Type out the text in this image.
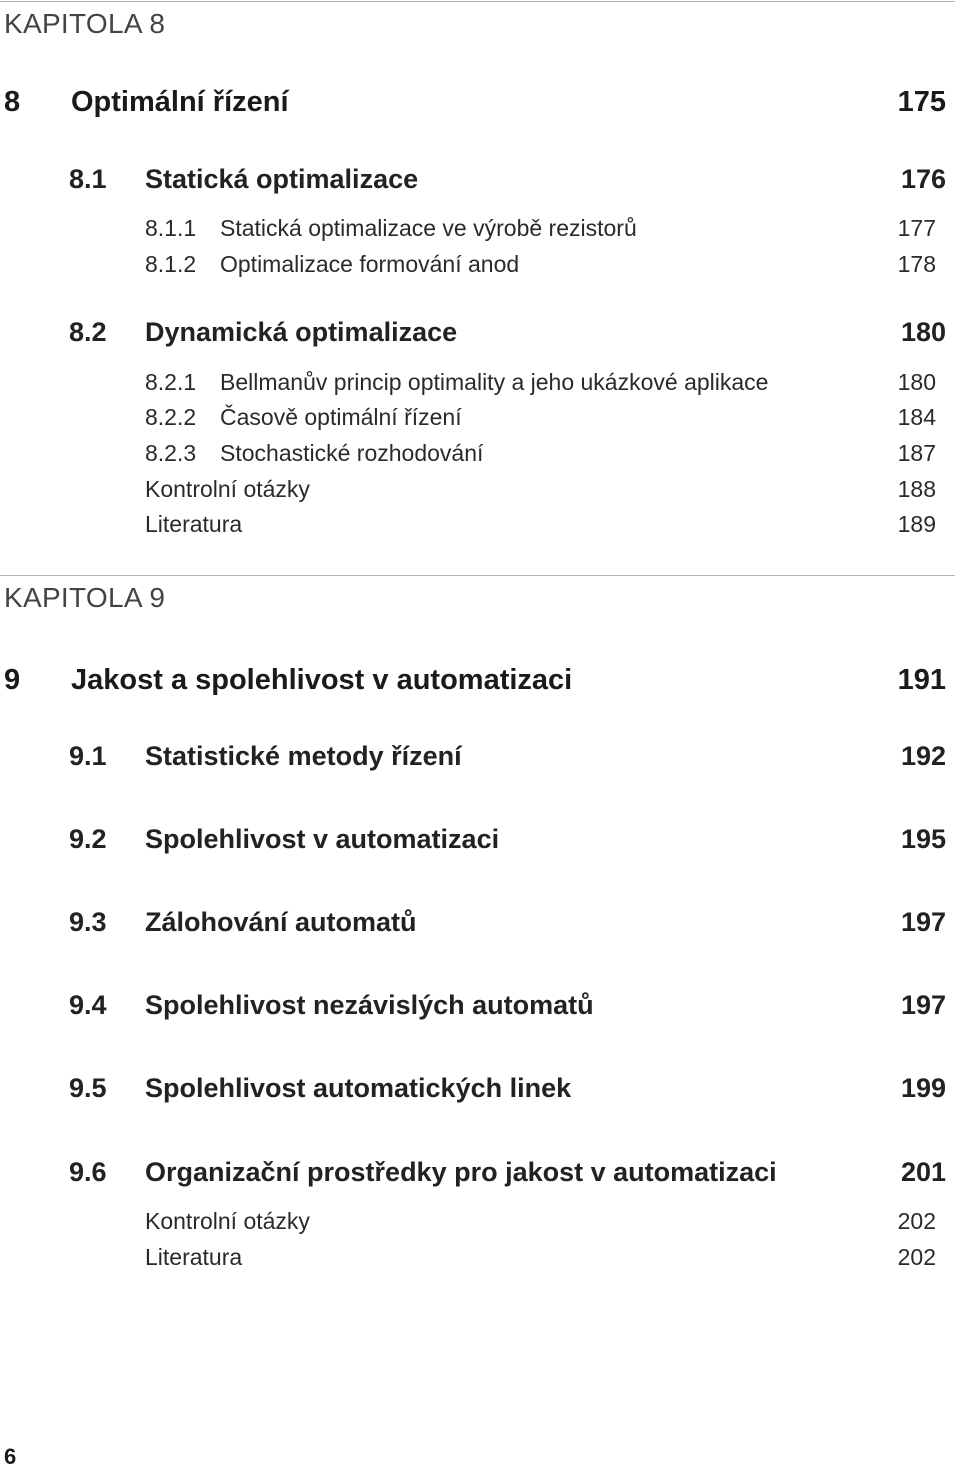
KAPITOLA 8
8 Optimální řízení	175
8.1 Statická optimalizace	176
8.1.1 Statická optimalizace ve výrobě rezistorů	177
8.1.2 Optimalizace formování anod	178
8.2 Dynamická optimalizace	180
8.2.1 Bellmanův princip optimality a jeho ukázkové aplikace	180
8.2.2 Časově optimální řízení	184
8.2.3 Stochastické rozhodování	187
Kontrolní otázky	188
Literatura	189
KAPITOLA 9
9 Jakost a spolehlivost v automatizaci	191
9.1 Statistické metody řízení	192
9.2 Spolehlivost v automatizaci	195
9.3 Zálohování automatů	197
9.4 Spolehlivost nezávislých automatů	197
9.5 Spolehlivost automatických linek	199
9.6 Organizační prostředky pro jakost v automatizaci	201
Kontrolní otázky	202
Literatura	202
6
